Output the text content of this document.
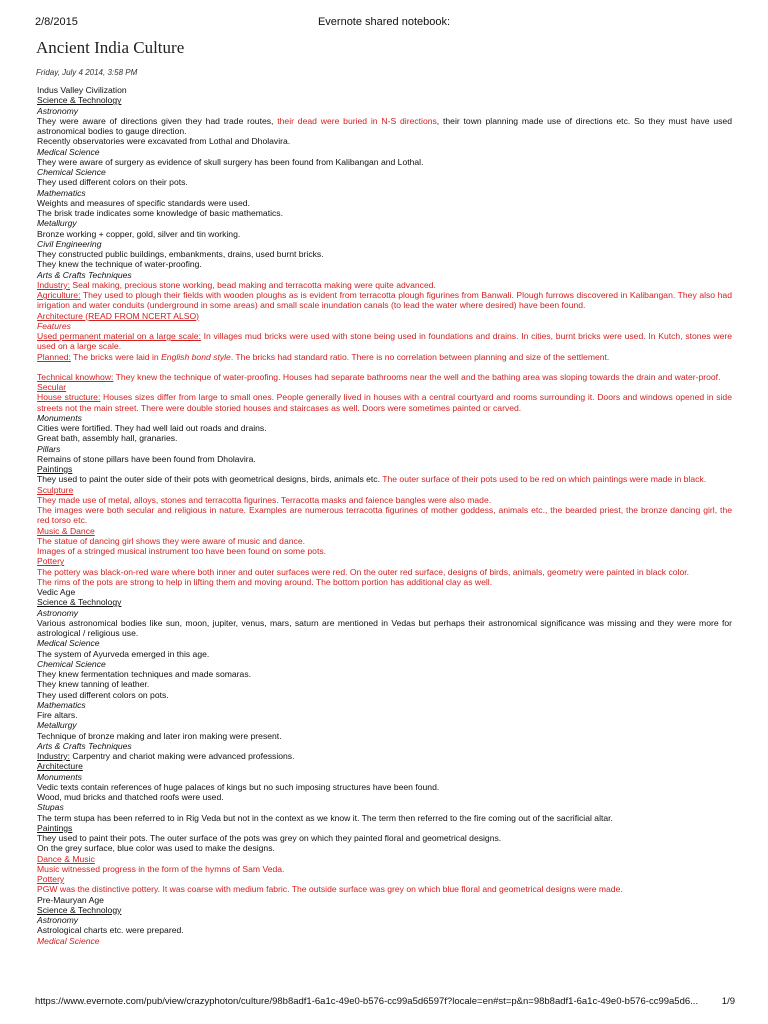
2/8/2015	Evernote shared notebook:
Ancient India Culture
Friday, July 4 2014, 3:58 PM

Indus Valley Civilization

Science & Technology

Astronomy

They were aware of directions given they had trade routes, their dead were buried in N-S directions, their town planning made use of directions etc. So they must have used astronomical bodies to gauge direction.

Recently observatories were excavated from Lothal and Dholavira.

Medical Science

They were aware of surgery as evidence of skull surgery has been found from Kalibangan and Lothal.

Chemical Science

They used different colors on their pots.

Mathematics

Weights and measures of specific standards were used.

The brisk trade indicates some knowledge of basic mathematics.

Metallurgy

Bronze working + copper, gold, silver and tin working.

Civil Engineering

They constructed public buildings, embankments, drains, used burnt bricks.

They knew the technique of water-proofing.

Arts & Crafts Techniques

Industry: Seal making, precious stone working, bead making and terracotta making were quite advanced.

Agriculture: They used to plough their fields with wooden ploughs as is evident from terracotta plough figurines from Banwali. Plough furrows discovered in Kalibangan. They also had irrigation and water conduits (underground in some areas) and small scale inundation canals (to lead the water where desired) have been found.

Architecture (READ FROM NCERT ALSO)

Features

Used permanent material on a large scale: In villages mud bricks were used with stone being used in foundations and drains. In cities, burnt bricks were used. In Kutch, stones were used on a large scale.

Planned: The bricks were laid in English bond style. The bricks had standard ratio. There is no correlation between planning and size of the settlement.

Technical knowhow: They knew the technique of water-proofing. Houses had separate bathrooms near the well and the bathing area was sloping towards the drain and water-proof.

Secular

House structure: Houses sizes differ from large to small ones. People generally lived in houses with a central courtyard and rooms surrounding it. Doors and windows opened in side streets not the main street. There were double storied houses and staircases as well. Doors were sometimes painted or carved.

Monuments

Cities were fortified. They had well laid out roads and drains.

Great bath, assembly hall, granaries.

Pillars

Remains of stone pillars have been found from Dholavira.

Paintings

They used to paint the outer side of their pots with geometrical designs, birds, animals etc. The outer surface of their pots used to be red on which paintings were made in black.

Sculpture

They made use of metal, alloys, stones and terracotta figurines. Terracotta masks and faience bangles were also made.

The images were both secular and religious in nature. Examples are numerous terracotta figurines of mother goddess, animals etc., the bearded priest, the bronze dancing girl, the red torso etc.

Music & Dance

The statue of dancing girl shows they were aware of music and dance.

Images of a stringed musical instrument too have been found on some pots.

Pottery

The pottery was black-on-red ware where both inner and outer surfaces were red. On the outer red surface, designs of birds, animals, geometry were painted in black color.

The rims of the pots are strong to help in lifting them and moving around. The bottom portion has additional clay as well.

Vedic Age

Science & Technology

Astronomy

Various astronomical bodies like sun, moon, jupiter, venus, mars, saturn are mentioned in Vedas but perhaps their astronomical significance was missing and they were more for astrological / religious use.

Medical Science

The system of Ayurveda emerged in this age.

Chemical Science

They knew fermentation techniques and made somaras.

They knew tanning of leather.

They used different colors on pots.

Mathematics

Fire altars.

Metallurgy

Technique of bronze making and later iron making were present.

Arts & Crafts Techniques

Industry: Carpentry and chariot making were advanced professions.

Architecture

Monuments

Vedic texts contain references of huge palaces of kings but no such imposing structures have been found.

Wood, mud bricks and thatched roofs were used.

Stupas

The term stupa has been referred to in Rig Veda but not in the context as we know it. The term then referred to the fire coming out of the sacrificial altar.

Paintings

They used to paint their pots. The outer surface of the pots was grey on which they painted floral and geometrical designs.

On the grey surface, blue color was used to make the designs.

Dance & Music

Music witnessed progress in the form of the hymns of Sam Veda.

Pottery

PGW was the distinctive pottery. It was coarse with medium fabric. The outside surface was grey on which blue floral and geometrical designs were made.

Pre-Mauryan Age

Science & Technology

Astronomy

Astrological charts etc. were prepared.

Medical Science

https://www.evernote.com/pub/view/crazyphoton/culture/98b8adf1-6a1c-49e0-b576-cc99a5d6597f?locale=en#st=p&n=98b8adf1-6a1c-49e0-b576-cc99a5d6... 1/9
